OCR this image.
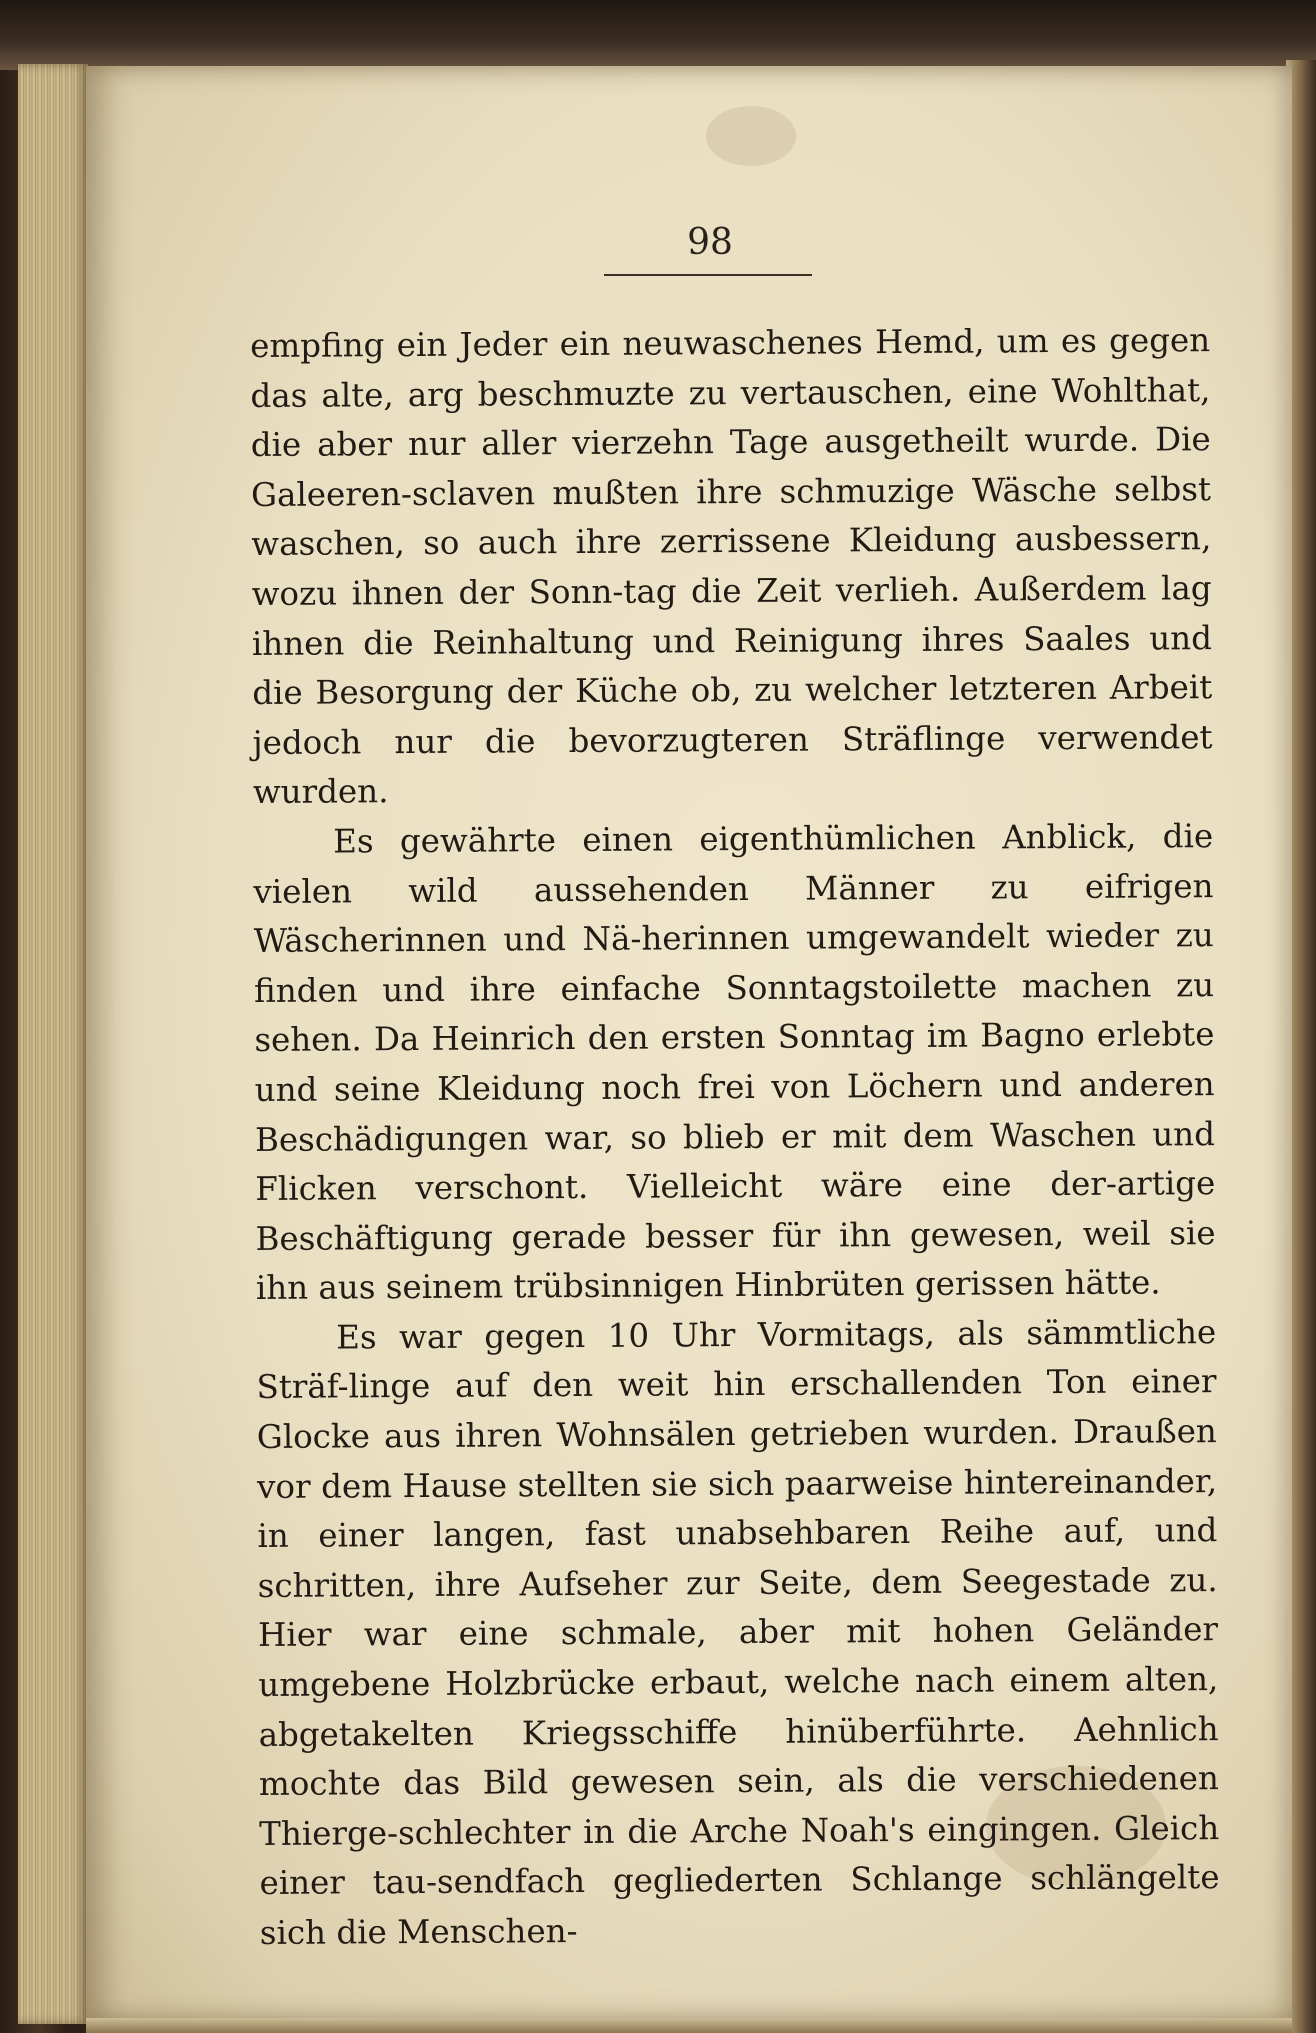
98

empfing ein Jeder ein neuwaschenes Hemd, um es gegen das alte, arg beschmuzte zu vertauschen, eine Wohlthat, die aber nur aller vierzehn Tage ausgetheilt wurde. Die Galeeren-sclaven mußten ihre schmuzige Wäsche selbst waschen, so auch ihre zerrissene Kleidung ausbessern, wozu ihnen der Sonn-tag die Zeit verlieh. Außerdem lag ihnen die Reinhaltung und Reinigung ihres Saales und die Besorgung der Küche ob, zu welcher letzteren Arbeit jedoch nur die bevorzugteren Sträflinge verwendet wurden.

Es gewährte einen eigenthümlichen Anblick, die vielen wild aussehenden Männer zu eifrigen Wäscherinnen und Nä-herinnen umgewandelt wieder zu finden und ihre einfache Sonntagstoilette machen zu sehen. Da Heinrich den ersten Sonntag im Bagno erlebte und seine Kleidung noch frei von Löchern und anderen Beschädigungen war, so blieb er mit dem Waschen und Flicken verschont. Vielleicht wäre eine der-artige Beschäftigung gerade besser für ihn gewesen, weil sie ihn aus seinem trübsinnigen Hinbrüten gerissen hätte.

Es war gegen 10 Uhr Vormitags, als sämmtliche Sträf-linge auf den weit hin erschallenden Ton einer Glocke aus ihren Wohnsälen getrieben wurden. Draußen vor dem Hause stellten sie sich paarweise hintereinander, in einer langen, fast unabsehbaren Reihe auf, und schritten, ihre Aufseher zur Seite, dem Seegestade zu. Hier war eine schmale, aber mit hohen Geländer umgebene Holzbrücke erbaut, welche nach einem alten, abgetakelten Kriegsschiffe hinüberführte. Aehnlich mochte das Bild gewesen sein, als die verschiedenen Thierge-schlechter in die Arche Noah's eingingen. Gleich einer tau-sendfach gegliederten Schlange schlängelte sich die Menschen-
